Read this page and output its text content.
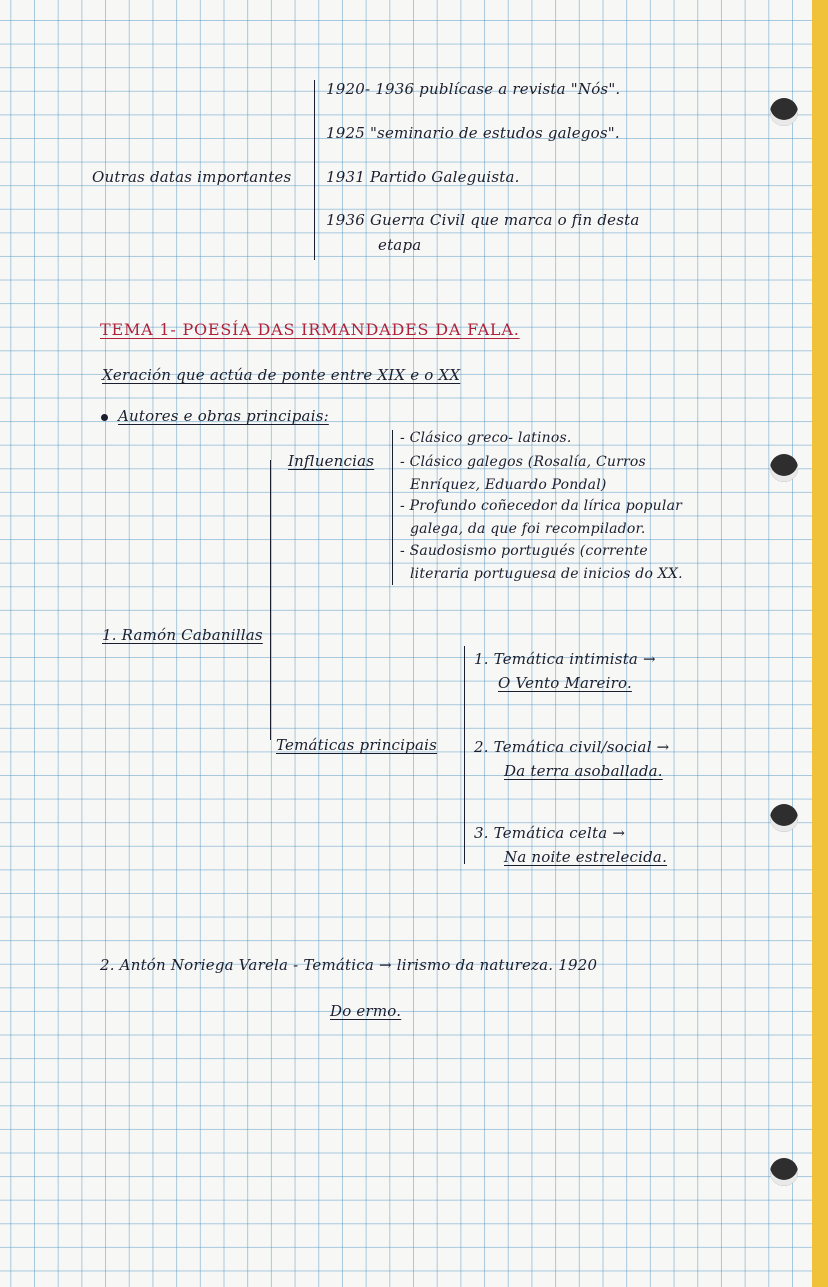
Outras datas importantes
1920- 1936 publícase a revista "Nós".
1925 "seminario de estudos galegos".
1931 Partido Galeguista.
1936 Guerra Civil que marca o fin desta
etapa
TEMA 1- POESÍA DAS IRMANDADES DA FALA.
Xeración que actúa de ponte entre XIX e o XX
Autores e obras principais:
1. Ramón Cabanillas
Influencias
- Clásico greco- latinos.
- Clásico galegos (Rosalía, Curros
Enríquez, Eduardo Pondal)
- Profundo coñecedor da lírica popular
galega, da que foi recompilador.
- Saudosismo portugués (corrente
literaria portuguesa de inicios do XX.
Temáticas principais
1. Temática intimista →
O Vento Mareiro.
2. Temática civil/social →
Da terra asoballada.
3. Temática celta →
Na noite estrelecida.
2. Antón Noriega Varela - Temática → lirismo da natureza. 1920
Do ermo.
